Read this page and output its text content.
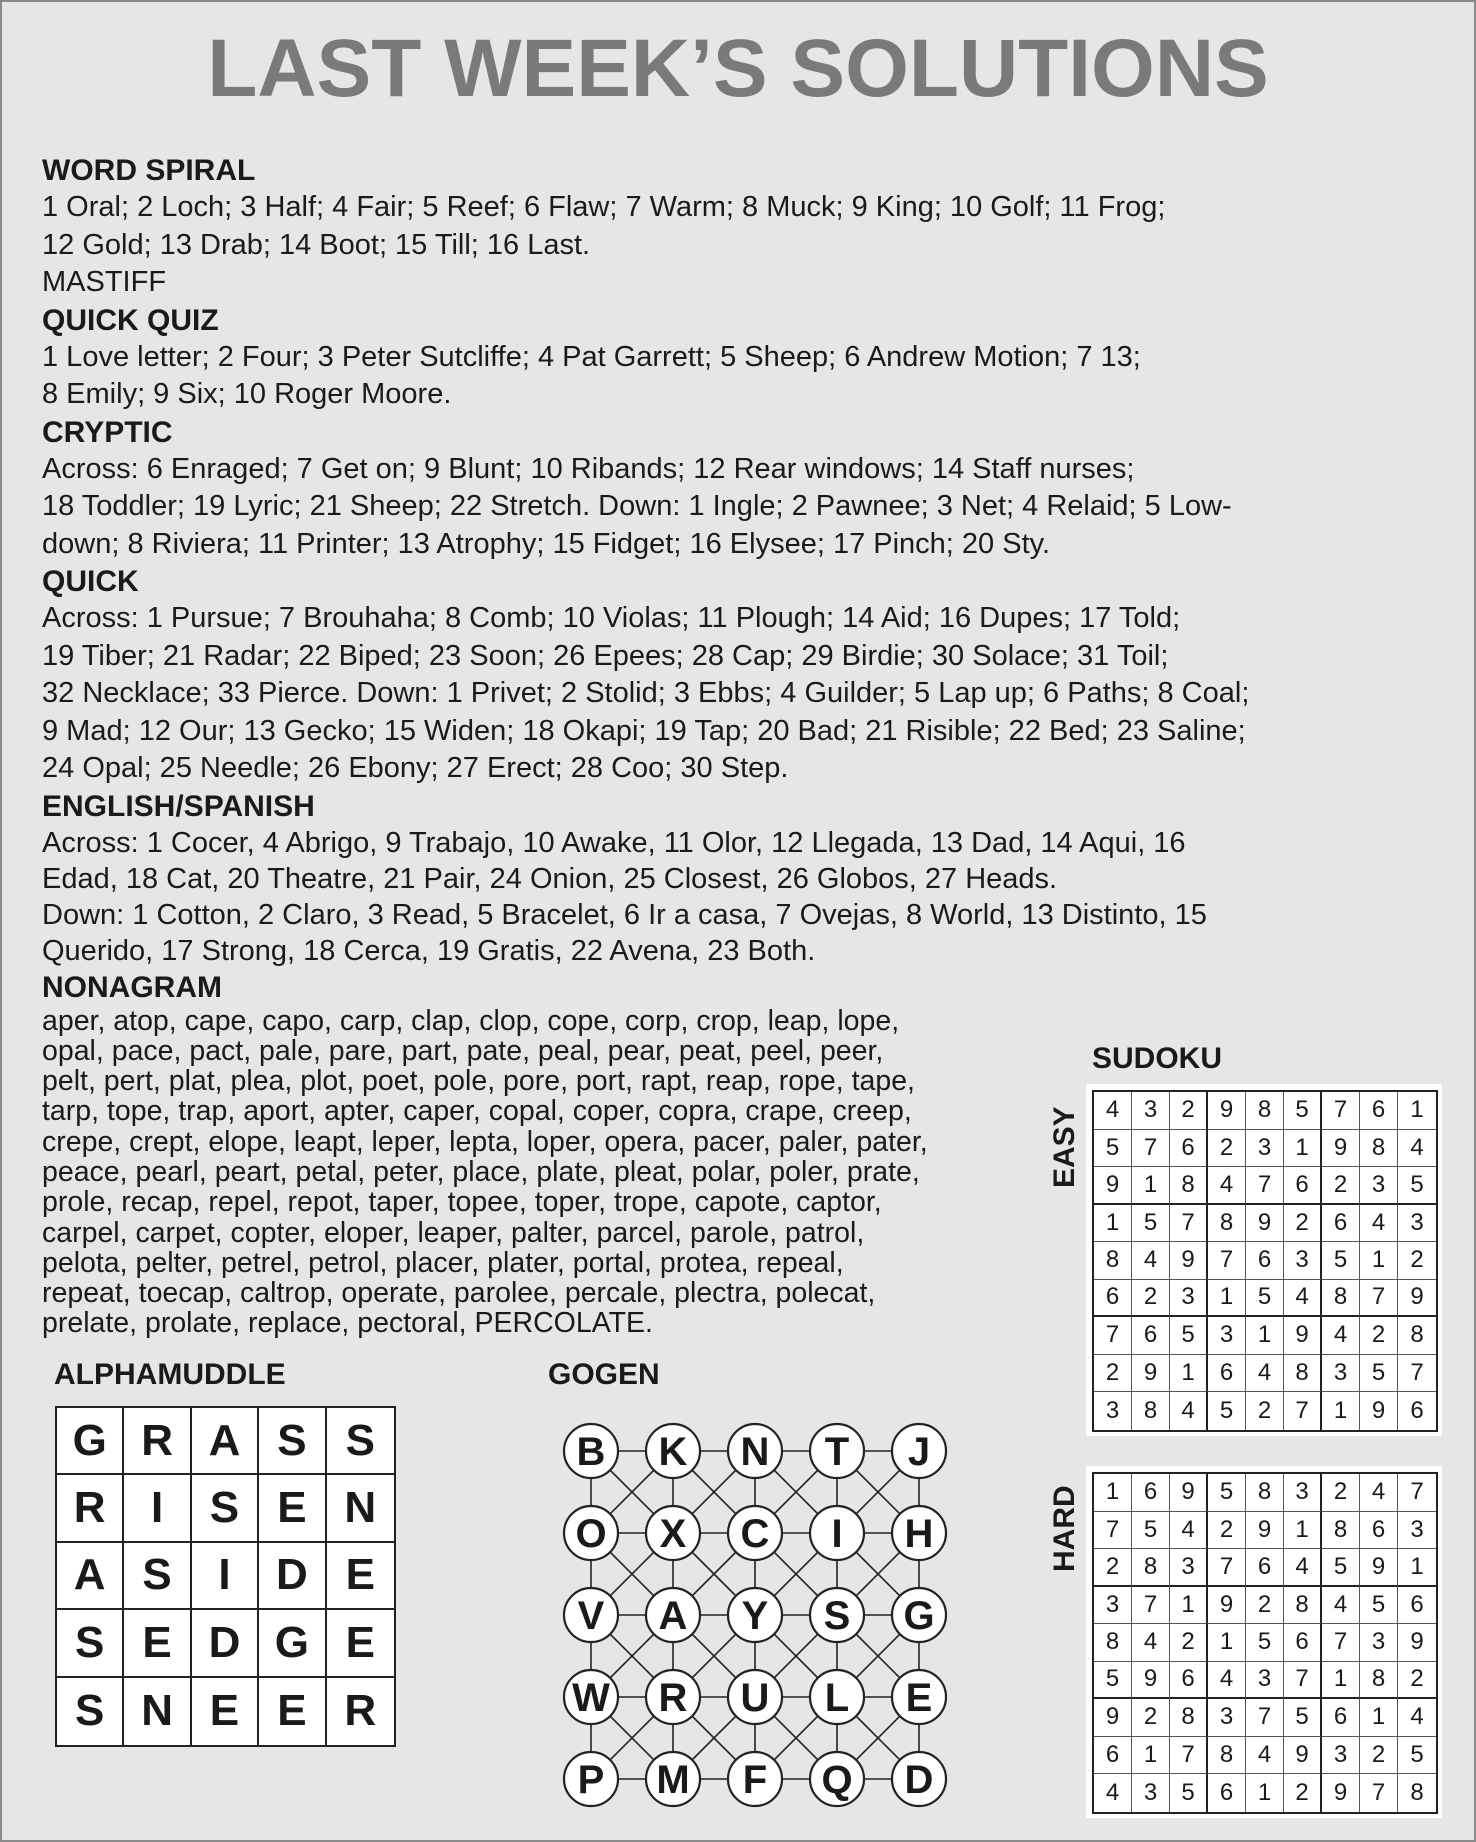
LAST WEEK’S SOLUTIONS
WORD SPIRAL
1 Oral; 2 Loch; 3 Half; 4 Fair; 5 Reef; 6 Flaw; 7 Warm; 8 Muck; 9 King; 10 Golf; 11 Frog;
12 Gold; 13 Drab; 14 Boot; 15 Till; 16 Last.
MASTIFF
QUICK QUIZ
1 Love letter; 2 Four; 3 Peter Sutcliffe; 4 Pat Garrett; 5 Sheep; 6 Andrew Motion; 7 13;
8 Emily; 9 Six; 10 Roger Moore.
CRYPTIC
Across: 6 Enraged; 7 Get on; 9 Blunt; 10 Ribands; 12 Rear windows; 14 Staff nurses;
18 Toddler; 19 Lyric; 21 Sheep; 22 Stretch. Down: 1 Ingle; 2 Pawnee; 3 Net; 4 Relaid; 5 Low-
down; 8 Riviera; 11 Printer; 13 Atrophy; 15 Fidget; 16 Elysee; 17 Pinch; 20 Sty.
QUICK
Across: 1 Pursue; 7 Brouhaha; 8 Comb; 10 Violas; 11 Plough; 14 Aid; 16 Dupes; 17 Told;
19 Tiber; 21 Radar; 22 Biped; 23 Soon; 26 Epees; 28 Cap; 29 Birdie; 30 Solace; 31 Toil;
32 Necklace; 33 Pierce. Down: 1 Privet; 2 Stolid; 3 Ebbs; 4 Guilder; 5 Lap up; 6 Paths; 8 Coal;
9 Mad; 12 Our; 13 Gecko; 15 Widen; 18 Okapi; 19 Tap; 20 Bad; 21 Risible; 22 Bed; 23 Saline;
24 Opal; 25 Needle; 26 Ebony; 27 Erect; 28 Coo; 30 Step.
ENGLISH/SPANISH
Across: 1 Cocer, 4 Abrigo, 9 Trabajo, 10 Awake, 11 Olor, 12 Llegada, 13 Dad, 14 Aqui, 16
Edad, 18 Cat, 20 Theatre, 21 Pair, 24 Onion, 25 Closest, 26 Globos, 27 Heads.
Down: 1 Cotton, 2 Claro, 3 Read, 5 Bracelet, 6 Ir a casa, 7 Ovejas, 8 World, 13 Distinto, 15
Querido, 17 Strong, 18 Cerca, 19 Gratis, 22 Avena, 23 Both.
NONAGRAM
aper, atop, cape, capo, carp, clap, clop, cope, corp, crop, leap, lope,
opal, pace, pact, pale, pare, part, pate, peal, pear, peat, peel, peer,
pelt, pert, plat, plea, plot, poet, pole, pore, port, rapt, reap, rope, tape,
tarp, tope, trap, aport, apter, caper, copal, coper, copra, crape, creep,
crepe, crept, elope, leapt, leper, lepta, loper, opera, pacer, paler, pater,
peace, pearl, peart, petal, peter, place, plate, pleat, polar, poler, prate,
prole, recap, repel, repot, taper, topee, toper, trope, capote, captor,
carpel, carpet, copter, eloper, leaper, palter, parcel, parole, patrol,
pelota, pelter, petrel, petrol, placer, plater, portal, protea, repeal,
repeat, toecap, caltrop, operate, parolee, percale, plectra, polecat,
prelate, prolate, replace, pectoral, PERCOLATE.
SUDOKU
EASY	4	3	2	9	8	5	7	6	1
5	7	6	2	3	1	9	8	4
9	1	8	4	7	6	2	3	5
1	5	7	8	9	2	6	4	3
8	4	9	7	6	3	5	1	2
6	2	3	1	5	4	8	7	9
7	6	5	3	1	9	4	2	8
2	9	1	6	4	8	3	5	7
3	8	4	5	2	7	1	9	6
HARD	1	6	9	5	8	3	2	4	7
7	5	4	2	9	1	8	6	3
2	8	3	7	6	4	5	9	1
3	7	1	9	2	8	4	5	6
8	4	2	1	5	6	7	3	9
5	9	6	4	3	7	1	8	2
9	2	8	3	7	5	6	1	4
6	1	7	8	4	9	3	2	5
4	3	5	6	1	2	9	7	8
ALPHAMUDDLE
G R A S S
R	I	S E N
A S	I	D E
S E D G E
S N E E R
GOGEN
B K N T J
O X C I H
V A Y S G
W R U L E
P M F Q D
